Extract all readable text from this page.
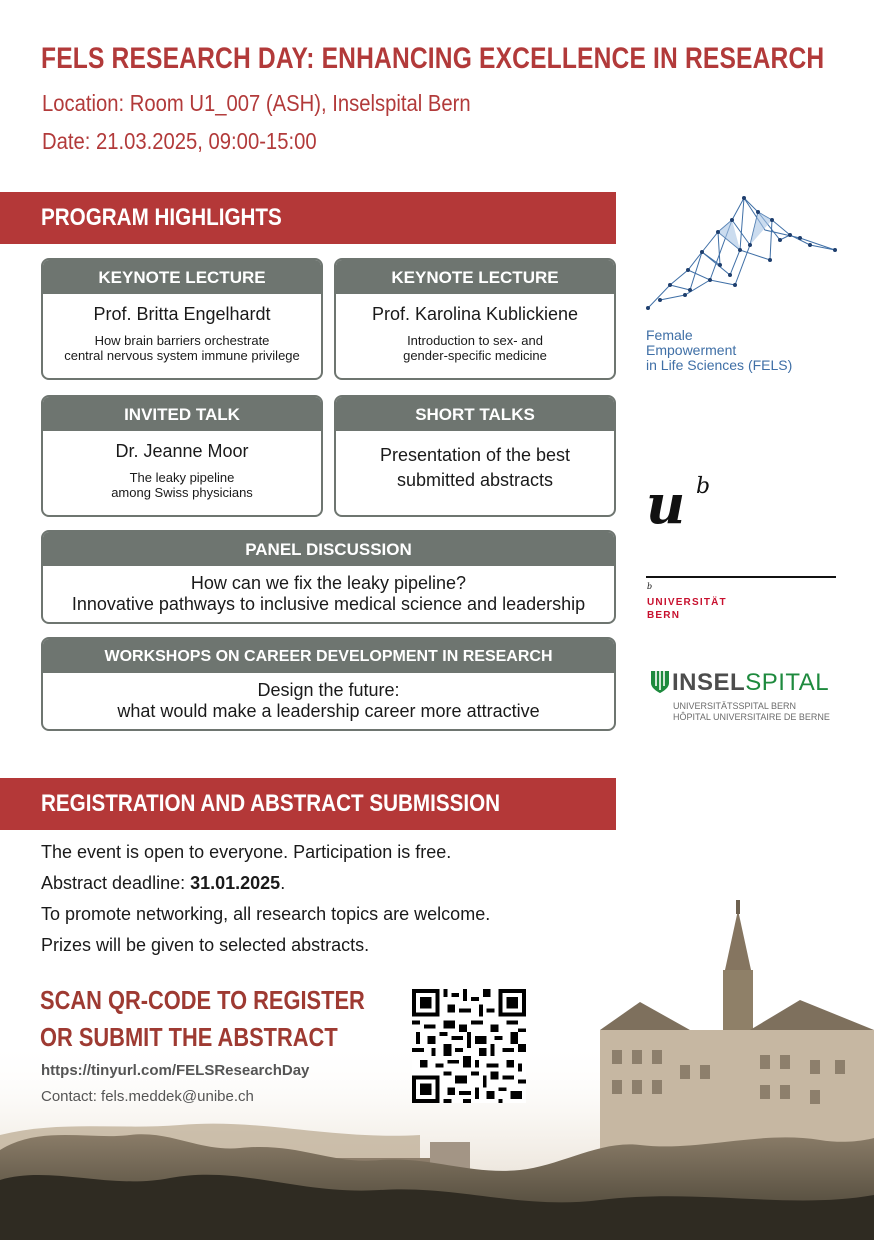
FELS RESEARCH DAY: ENHANCING EXCELLENCE IN RESEARCH
Location: Room U1_007 (ASH), Inselspital Bern
Date: 21.03.2025, 09:00-15:00
PROGRAM HIGHLIGHTS
KEYNOTE LECTURE
Prof. Britta Engelhardt
How brain barriers orchestrate
central nervous system immune privilege
KEYNOTE LECTURE
Prof. Karolina Kublickiene
Introduction to sex- and
gender-specific medicine
INVITED TALK
Dr. Jeanne Moor
The leaky pipeline
among Swiss physicians
SHORT TALKS
Presentation of the best
submitted abstracts
PANEL DISCUSSION
How can we fix the leaky pipeline?
Innovative pathways to inclusive medical science and leadership
WORKSHOPS ON CAREER DEVELOPMENT IN RESEARCH
Design the future:
what would make a leadership career more attractive
Female
Empowerment
in Life Sciences (FELS)
u b
b
UNIVERSITÄT
BERN
INSELSPITAL
UNIVERSITÄTSSPITAL BERN
HÔPITAL UNIVERSITAIRE DE BERNE
REGISTRATION AND ABSTRACT SUBMISSION
The event is open to everyone. Participation is free.
Abstract deadline: 31.01.2025.
To promote networking, all research topics are welcome.
Prizes will be given to selected abstracts.
SCAN QR-CODE TO REGISTER
OR SUBMIT THE ABSTRACT
https://tinyurl.com/FELSResearchDay
Contact: fels.meddek@unibe.ch
